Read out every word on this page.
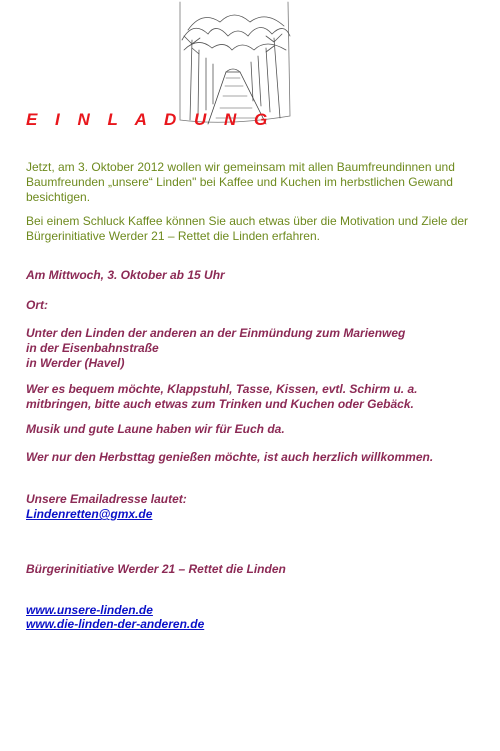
E I N L A D U N G
Jetzt, am 3. Oktober 2012 wollen wir gemeinsam mit allen Baumfreundinnen und Baumfreunden „unsere“ Linden" bei Kaffee und Kuchen im herbstlichen Gewand besichtigen.
Bei einem Schluck Kaffee können Sie auch etwas über die Motivation und Ziele der Bürgerinitiative Werder 21 – Rettet die Linden erfahren.
Am Mittwoch, 3. Oktober ab 15 Uhr
Ort:
Unter den Linden der anderen an der Einmündung zum Marienweg
in der Eisenbahnstraße
in Werder (Havel)
Wer es bequem möchte, Klappstuhl, Tasse, Kissen, evtl. Schirm u. a.
mitbringen, bitte auch etwas zum Trinken und Kuchen oder Gebäck.
Musik und gute Laune haben wir für Euch da.
Wer nur den Herbsttag genießen möchte, ist auch herzlich willkommen.
Unsere Emailadresse lautet:
Lindenretten@gmx.de
Bürgerinitiative Werder 21 – Rettet die Linden
www.unsere-linden.de
www.die-linden-der-anderen.de
